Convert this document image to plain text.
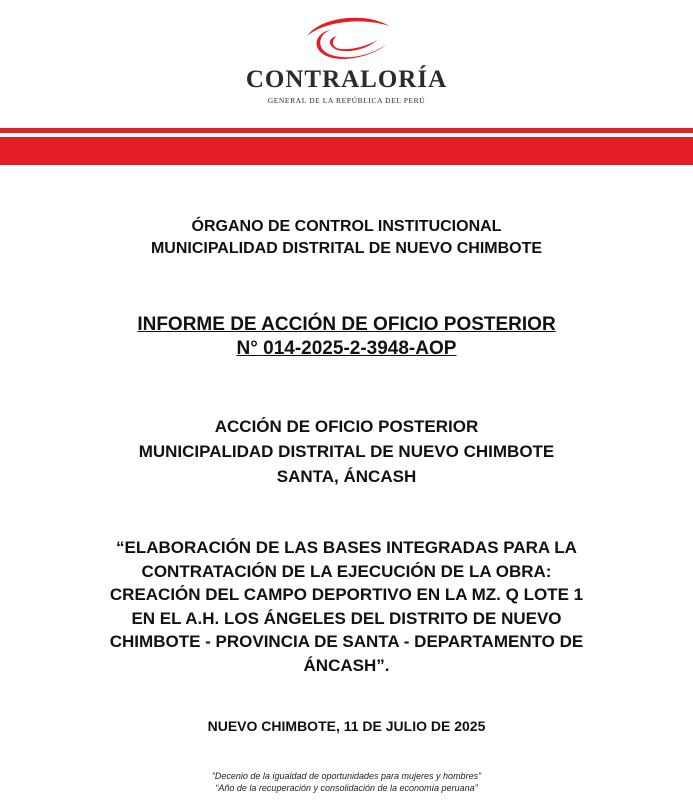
CONTRALORÍA
GENERAL DE LA REPÚBLICA DEL PERÚ
ÓRGANO DE CONTROL INSTITUCIONAL
MUNICIPALIDAD DISTRITAL DE NUEVO CHIMBOTE
INFORME DE ACCIÓN DE OFICIO POSTERIOR
N° 014-2025-2-3948-AOP
ACCIÓN DE OFICIO POSTERIOR
MUNICIPALIDAD DISTRITAL DE NUEVO CHIMBOTE
SANTA, ÁNCASH
“ELABORACIÓN DE LAS BASES INTEGRADAS PARA LA
CONTRATACIÓN DE LA EJECUCIÓN DE LA OBRA:
CREACIÓN DEL CAMPO DEPORTIVO EN LA MZ. Q LOTE 1
EN EL A.H. LOS ÁNGELES DEL DISTRITO DE NUEVO
CHIMBOTE - PROVINCIA DE SANTA - DEPARTAMENTO DE
ÁNCASH”.
NUEVO CHIMBOTE, 11 DE JULIO DE 2025
“Decenio de la igualdad de oportunidades para mujeres y hombres”
“Año de la recuperación y consolidación de la economía peruana”
